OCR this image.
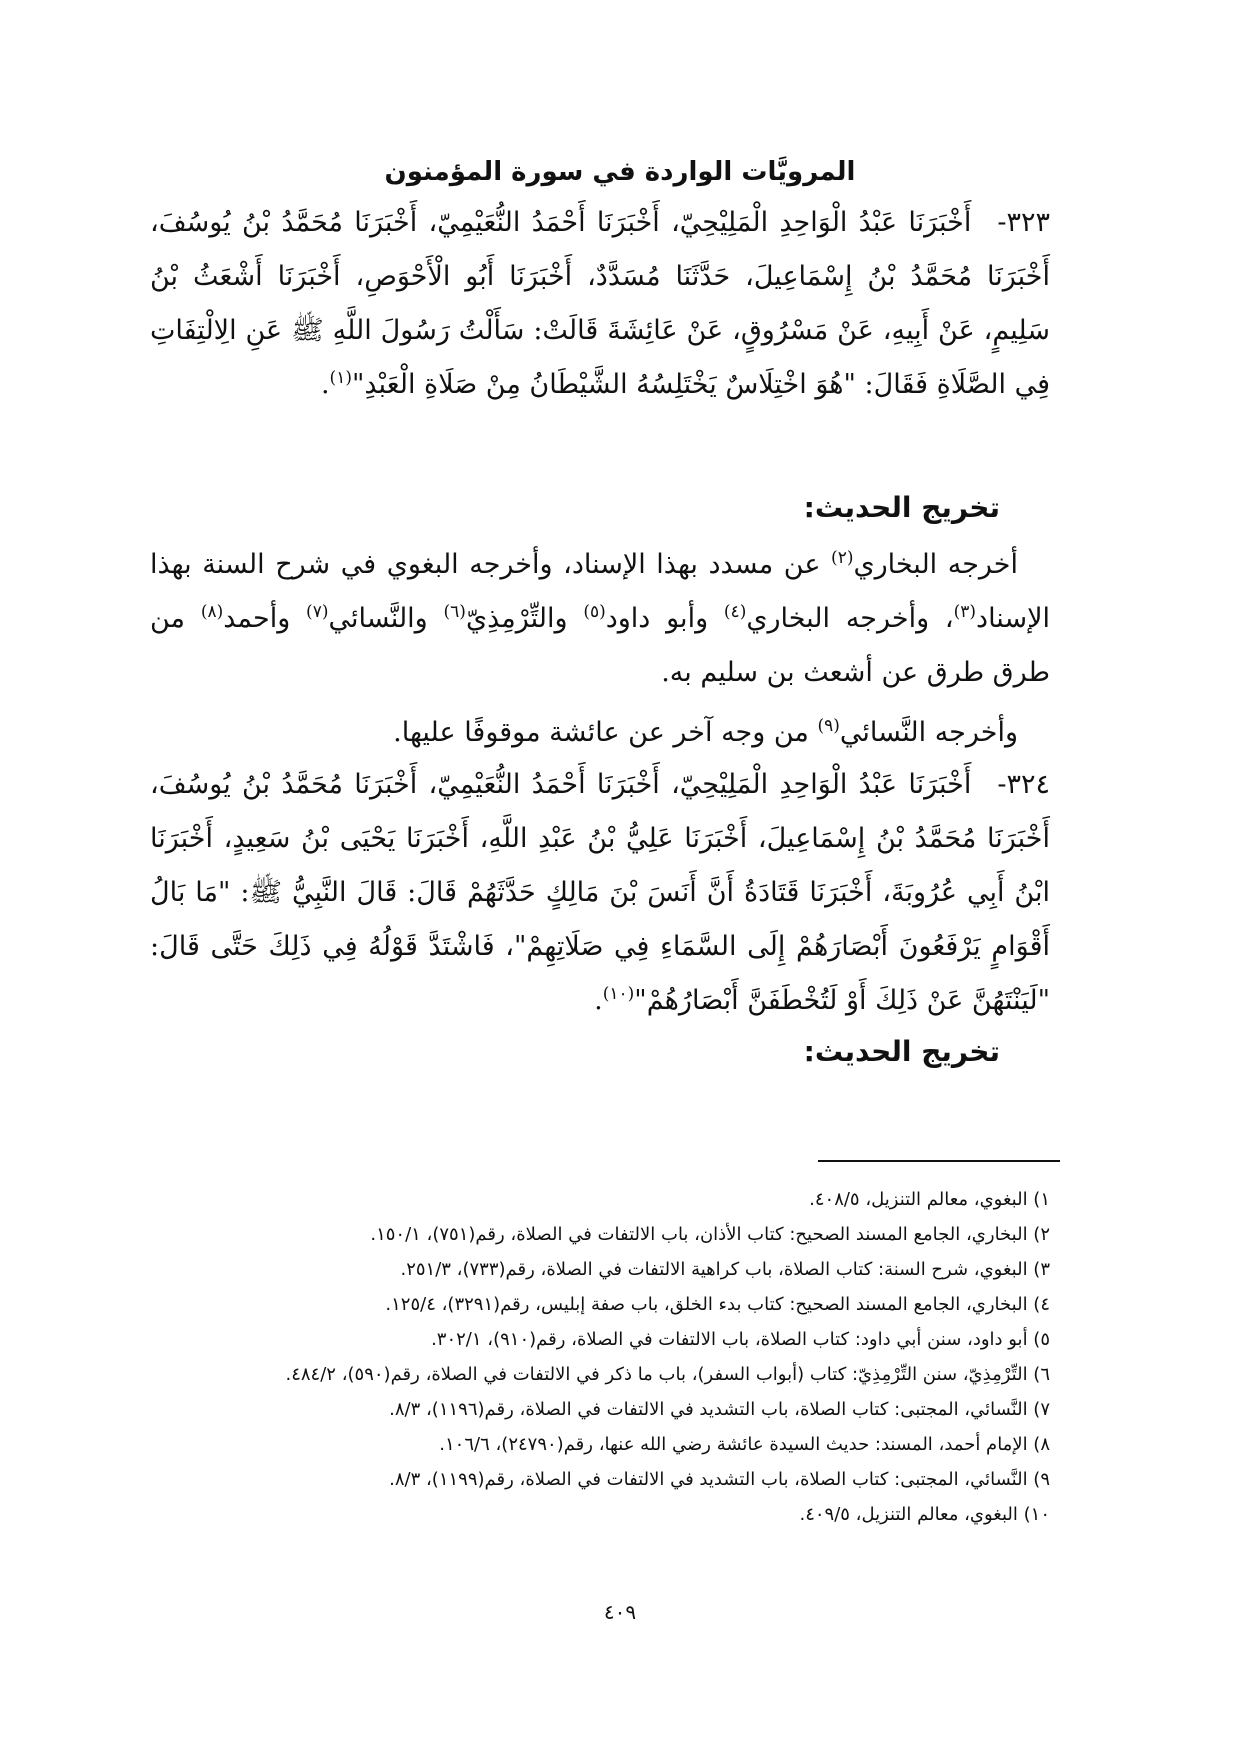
المرويَّات الواردة في سورة المؤمنون
٣٢٣-أَخْبَرَنَا عَبْدُ الْوَاحِدِ الْمَلِيْحِيّ، أَخْبَرَنَا أَحْمَدُ النُّعَيْمِيّ، أَخْبَرَنَا مُحَمَّدُ بْنُ يُوسُفَ، أَخْبَرَنَا مُحَمَّدُ بْنُ إِسْمَاعِيلَ، حَدَّثَنَا مُسَدَّدٌ، أَخْبَرَنَا أَبُو الْأَحْوَصِ، أَخْبَرَنَا أَشْعَثُ بْنُ سَلِيمٍ، عَنْ أَبِيهِ، عَنْ مَسْرُوقٍ، عَنْ عَائِشَةَ قَالَتْ: سَأَلْتُ رَسُولَ اللَّهِ ﷺ عَنِ الِالْتِفَاتِ فِي الصَّلَاةِ فَقَالَ: "هُوَ اخْتِلَاسٌ يَخْتَلِسُهُ الشَّيْطَانُ مِنْ صَلَاةِ الْعَبْدِ"$^{(١)}$.
تخريج الحديث:
أخرجه البخاري$^{(٢)}$ عن مسدد بهذا الإسناد، وأخرجه البغوي في شرح السنة بهذا الإسناد$^{(٣)}$، وأخرجه البخاري$^{(٤)}$ وأبو داود$^{(٥)}$ والتِّرْمِذِيّ$^{(٦)}$ والنَّسائي$^{(٧)}$ وأحمد$^{(٨)}$ من طرق طرق عن أشعث بن سليم به.
وأخرجه النَّسائي$^{(٩)}$ من وجه آخر عن عائشة موقوفًا عليها.
٣٢٤-أَخْبَرَنَا عَبْدُ الْوَاحِدِ الْمَلِيْحِيّ، أَخْبَرَنَا أَحْمَدُ النُّعَيْمِيّ، أَخْبَرَنَا مُحَمَّدُ بْنُ يُوسُفَ، أَخْبَرَنَا مُحَمَّدُ بْنُ إِسْمَاعِيلَ، أَخْبَرَنَا عَلِيُّ بْنُ عَبْدِ اللَّهِ، أَخْبَرَنَا يَحْيَى بْنُ سَعِيدٍ، أَخْبَرَنَا ابْنُ أَبِي عُرُوبَةَ، أَخْبَرَنَا قَتَادَةُ أَنَّ أَنَسَ بْنَ مَالِكٍ حَدَّثَهُمْ قَالَ: قَالَ النَّبِيُّ ﷺ: "مَا بَالُ أَقْوَامٍ يَرْفَعُونَ أَبْصَارَهُمْ إِلَى السَّمَاءِ فِي صَلَاتِهِمْ"، فَاشْتَدَّ قَوْلُهُ فِي ذَلِكَ حَتَّى قَالَ: "لَيَنْتَهُنَّ عَنْ ذَلِكَ أَوْ لَتُخْطَفَنَّ أَبْصَارُهُمْ"$^{(١٠)}$.
تخريج الحديث:
١) البغوي، معالم التنزيل، ٤٠٨/٥.
٢) البخاري، الجامع المسند الصحيح: كتاب الأذان، باب الالتفات في الصلاة، رقم(٧٥١)، ١٥٠/١.
٣) البغوي، شرح السنة: كتاب الصلاة، باب كراهية الالتفات في الصلاة، رقم(٧٣٣)، ٢٥١/٣.
٤) البخاري، الجامع المسند الصحيح: كتاب بدء الخلق، باب صفة إبليس، رقم(٣٢٩١)، ١٢٥/٤.
٥) أبو داود، سنن أبي داود: كتاب الصلاة، باب الالتفات في الصلاة، رقم(٩١٠)، ٣٠٢/١.
٦) التِّرْمِذِيّ، سنن التِّرْمِذِيّ: كتاب (أبواب السفر)، باب ما ذكر في الالتفات في الصلاة، رقم(٥٩٠)، ٤٨٤/٢.
٧) النَّسائي، المجتبى: كتاب الصلاة، باب التشديد في الالتفات في الصلاة، رقم(١١٩٦)، ٨/٣.
٨) الإمام أحمد، المسند: حديث السيدة عائشة رضي الله عنها، رقم(٢٤٧٩٠)، ١٠٦/٦.
٩) النَّسائي، المجتبى: كتاب الصلاة، باب التشديد في الالتفات في الصلاة، رقم(١١٩٩)، ٨/٣.
١٠) البغوي، معالم التنزيل، ٤٠٩/٥.
٤٠٩
